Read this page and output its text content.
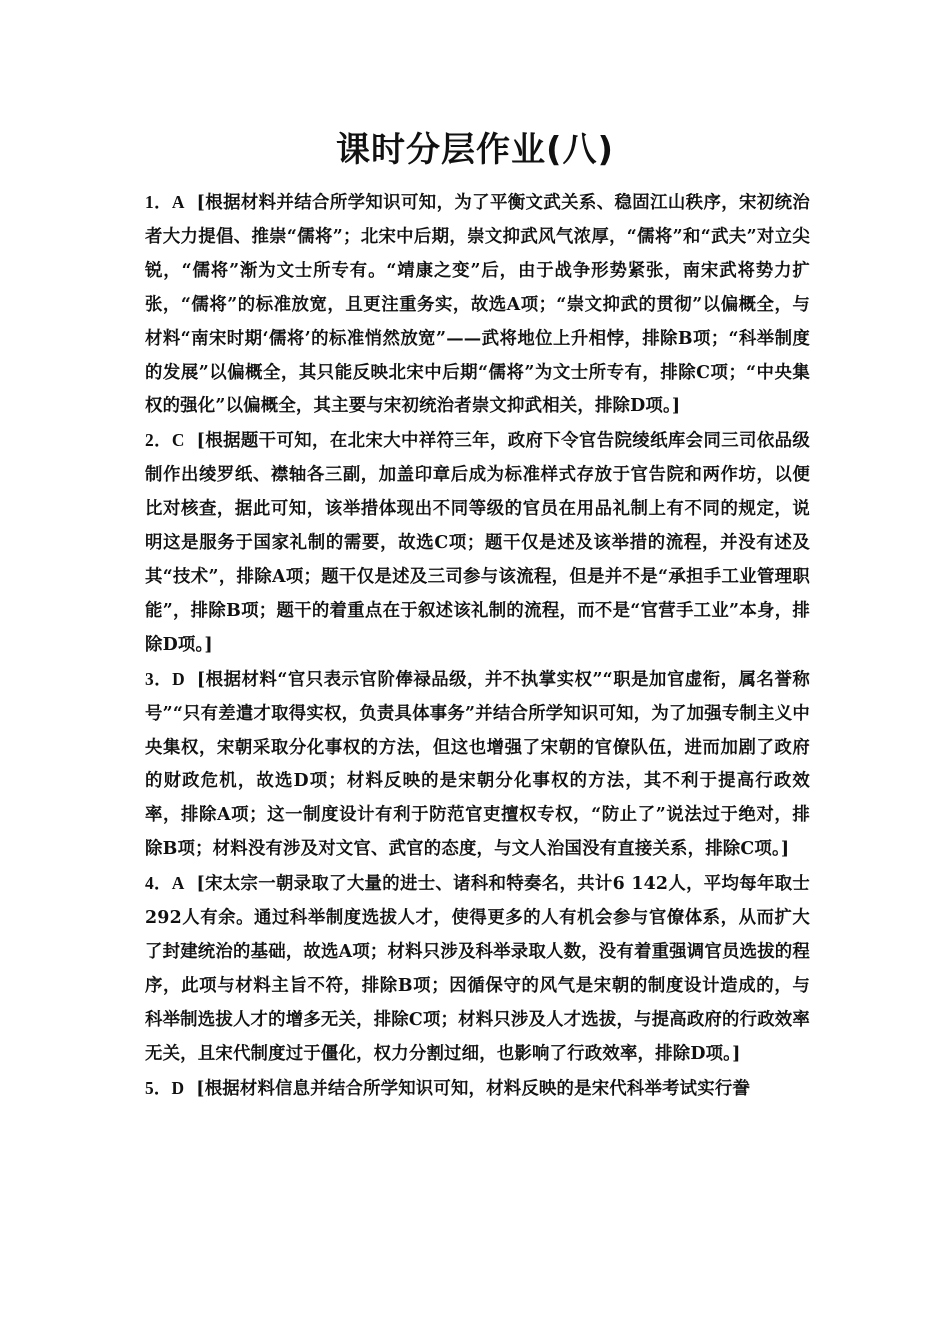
课时分层作业(八)

1．A [根据材料并结合所学知识可知，为了平衡文武关系、稳固江山秩序，宋初统治者大力提倡、推崇“儒将”；北宋中后期，崇文抑武风气浓厚，“儒将”和“武夫”对立尖锐，“儒将”渐为文士所专有。“靖康之变”后，由于战争形势紧张，南宋武将势力扩张，“儒将”的标准放宽，且更注重务实，故选A项；“崇文抑武的贯彻”以偏概全，与材料“南宋时期‘儒将’的标准悄然放宽”——武将地位上升相悖，排除B项；“科举制度的发展”以偏概全，其只能反映北宋中后期“儒将”为文士所专有，排除C项；“中央集权的强化”以偏概全，其主要与宋初统治者崇文抑武相关，排除D项。]

2．C [根据题干可知，在北宋大中祥符三年，政府下令官告院绫纸库会同三司依品级制作出绫罗纸、襟轴各三副，加盖印章后成为标准样式存放于官告院和两作坊，以便比对核查，据此可知，该举措体现出不同等级的官员在用品礼制上有不同的规定，说明这是服务于国家礼制的需要，故选C项；题干仅是述及该举措的流程，并没有述及其“技术”，排除A项；题干仅是述及三司参与该流程，但是并不是“承担手工业管理职能”，排除B项；题干的着重点在于叙述该礼制的流程，而不是“官营手工业”本身，排除D项。]

3．D [根据材料“官只表示官阶俸禄品级，并不执掌实权”“职是加官虚衔，属名誉称号”“只有差遣才取得实权，负责具体事务”并结合所学知识可知，为了加强专制主义中央集权，宋朝采取分化事权的方法，但这也增强了宋朝的官僚队伍，进而加剧了政府的财政危机，故选D项；材料反映的是宋朝分化事权的方法，其不利于提高行政效率，排除A项；这一制度设计有利于防范官吏擅权专权，“防止了”说法过于绝对，排除B项；材料没有涉及对文官、武官的态度，与文人治国没有直接关系，排除C项。]

4．A [宋太宗一朝录取了大量的进士、诸科和特奏名，共计6 142人，平均每年取士292人有余。通过科举制度选拔人才，使得更多的人有机会参与官僚体系，从而扩大了封建统治的基础，故选A项；材料只涉及科举录取人数，没有着重强调官员选拔的程序，此项与材料主旨不符，排除B项；因循保守的风气是宋朝的制度设计造成的，与科举制选拔人才的增多无关，排除C项；材料只涉及人才选拔，与提高政府的行政效率无关，且宋代制度过于僵化，权力分割过细，也影响了行政效率，排除D项。]

5．D [根据材料信息并结合所学知识可知，材料反映的是宋代科举考试实行誊
